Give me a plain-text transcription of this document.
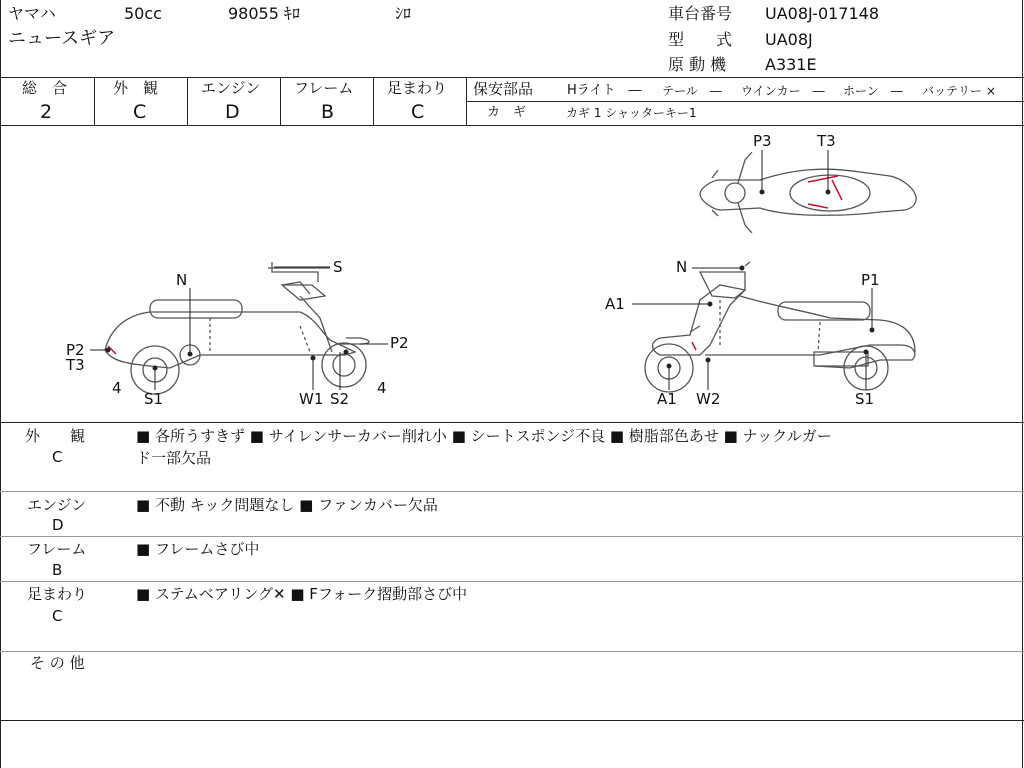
ヤマハ	50cc	98055 ｷﾛ	ｼﾛ
ニュースギア
車台番号 UA08J-017148
型　　式 UA08J
原 動 機 A331E
総　合
2
外　観
C
エンジン
D
フレーム
B
足まわり
C
保安部品	Hライト　― テール　― ウインカー　― ホーン　― バッテリー ×
カ　ギ	カギ 1 シャッターキー1
P3	T3
N
S
P2
T3
P2
4	4
S1	W1 S2
N
P1
A1
A1 W2	S1
外　　観
C
■ 各所うすきず ■ サイレンサーカバー削れ小 ■ シートスポンジ不良 ■ 樹脂部色あせ ■ ナックルガー
ド一部欠品
エンジン
D
■ 不動 キック問題なし ■ ファンカバー欠品
フレーム
B
■ フレームさび中
足まわり
C
■ ステムベアリング✕ ■ Fフォーク摺動部さび中
そ の 他
